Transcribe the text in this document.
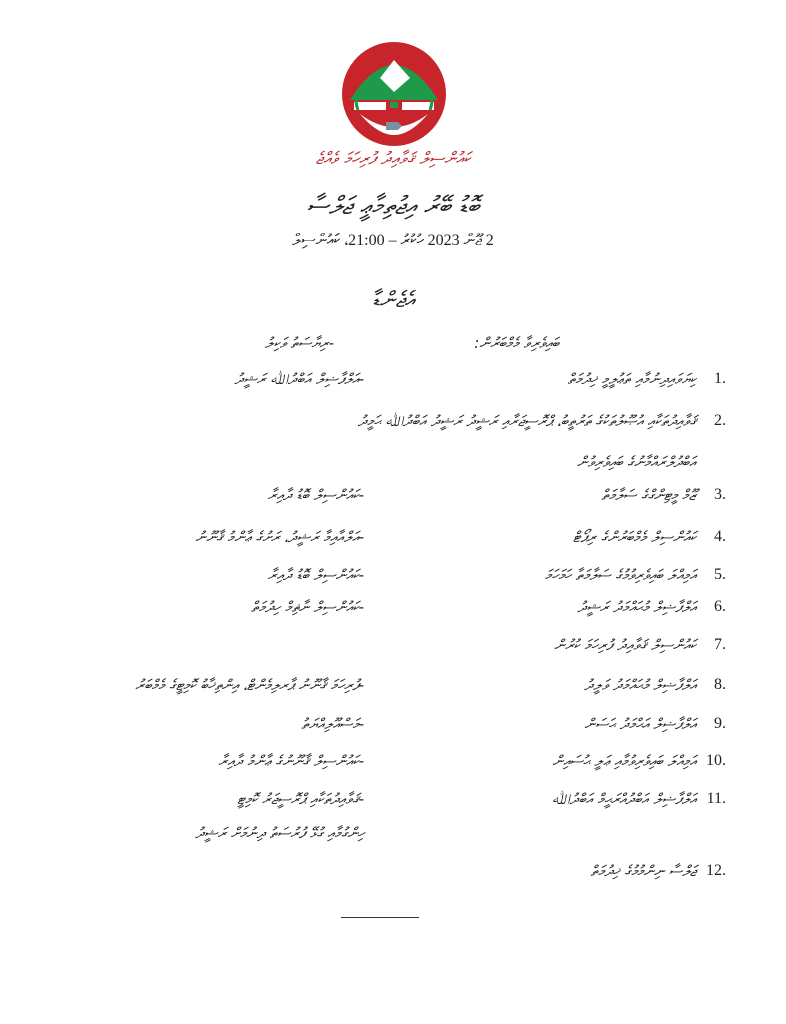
ކައުންސިލް ޤަވާއިދު ފުރިހަމަ ވެއްޖެ
ބޮޑު ބޭރު އިޖުތިމާޢީ ޖަލްސާ
2 ޖޫން 2023 ހުކުރު – 21:00، ކައުންސިލް
އެޖެންޑާ
ބައިވެރިވާ މެމްބަރުން:
-ރިޔާސަތު ވަކިލު
1.
ކިޔަވައިދިނުމާއި ތަޢުލީމީ ޚިދުމަތް
-އަލްފާޟިލް އަބްދުﷲ ރަޝީދު
2.
ޤަވާއިދުތަކާއި އުޞޫލުތަކުގެ ތަރުތީބު، ޕްރޮސީޖަރާއި ރަޝީދު ރަޝީދު އަބްދުﷲ ޙަމީދު
އަބްދުލްރައްމާނުގެ ބައިވެރިވުން
3.
ޒޫމް މީޓިންގްގެ ސަލާމަތް
-ކައުންސިލް ބޮޑު ދާއިރާ
4.
ކައުންސިލް މެމްބަރުންގެ ރިޕޯޓް
-އަލްއާއިމާ ރަޝީދު، ރަށުގެ ޢާންމު ޤާނޫނު
5.
އަމިއްލަ ބައިވެރިވުމުގެ ސަލާމަތާ ހަމަހަމަ
-ކައުންސިލް ބޮޑު ދާއިރާ
6.
އަލްފާޟިލް މުޙައްމަދު ރަޝީދު
-ކައުންސިލް ނާޡިމް ހިދުމަތް
7.
ކައުންސިލް ޤަވާއިދު ފުރިހަމަ ކުރުން
8.
އަލްފާޟިލް މުޙައްމަދު ވަލީދު
-ފުރިހަމަ ޤާނޫނު ޕާރލިމެންޓް، އިންތިޚާބު ކޮމިޓީގެ މެމްބަރު
9.
އަލްފާޟިލް އަޙްމަދު ޙަސަން
-މަސްއޫލިއްޔަތު
10.
އަމިއްލަ ބައިވެރިވުމާއި ޢަލީ ޙުސައިން
-ކައުންސިލް ޤާނޫނުގެ ޢާންމު ދާއިރާ
11.
އަލްފާޟިލް އަބްދުއްރަޙީމް އަބްދުﷲ
-ޤަވާއިދުތަކާއި ޕްރޮސީޖަރު ކޮމިޓީ
ހިންގުމާއި ގުޅޭ ފުރުސަތު ދިނުމަށް ރަޝީދު
12.
ޖަލްސާ ނިންމުމުގެ ޚިދުމަތް
